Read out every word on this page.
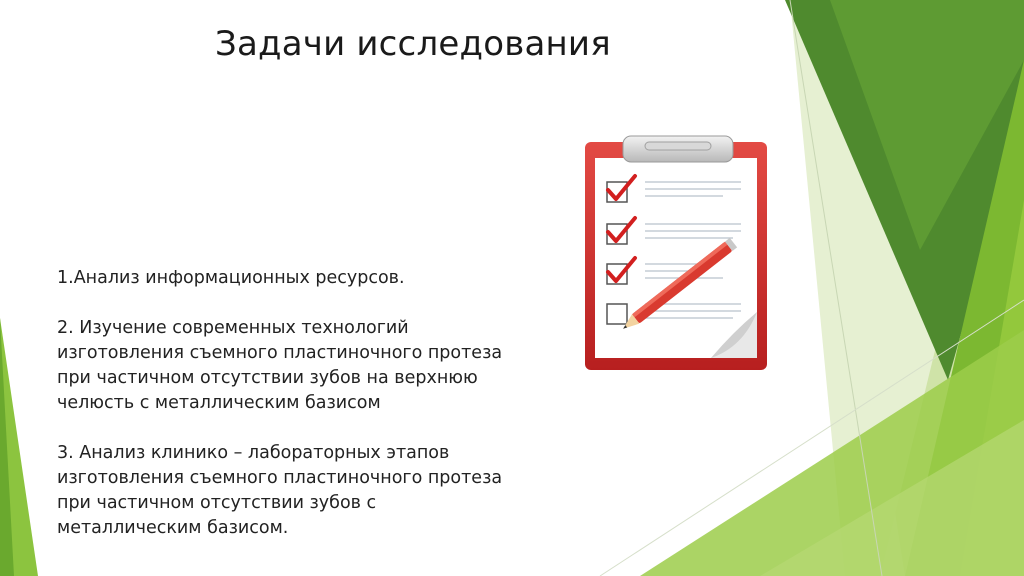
Задачи исследования
1.Анализ информационных ресурсов.
2. Изучение современных технологий изготовления съемного пластиночного протеза при частичном отсутствии зубов на верхнюю челюсть с металлическим базисом
3. Анализ клинико – лабораторных этапов изготовления съемного пластиночного протеза при частичном отсутствии зубов с металлическим базисом.
